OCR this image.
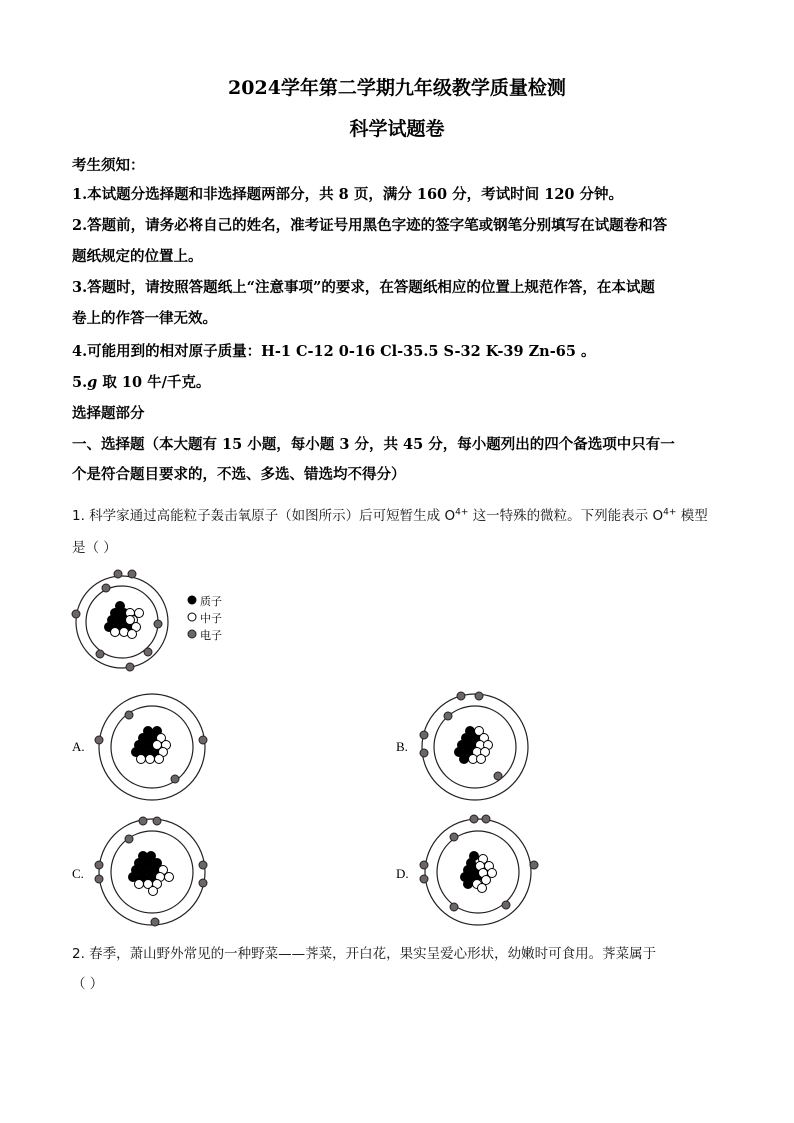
2024学年第二学期九年级教学质量检测
科学试题卷
考生须知：
1.本试题分选择题和非选择题两部分，共 8 页，满分 160 分，考试时间 120 分钟。
2.答题前，请务必将自己的姓名，准考证号用黑色字迹的签字笔或钢笔分别填写在试题卷和答
题纸规定的位置上。
3.答题时，请按照答题纸上“注意事项”的要求，在答题纸相应的位置上规范作答，在本试题
卷上的作答一律无效。
4.可能用到的相对原子质量：H-1 C-12 0-16 Cl-35.5 S-32 K-39 Zn-65 。
5.g 取 10 牛/千克。
选择题部分
一、选择题（本大题有 15 小题，每小题 3 分，共 45 分，每小题列出的四个备选项中只有一
个是符合题目要求的，不选、多选、错选均不得分）
1. 科学家通过高能粒子轰击氧原子（如图所示）后可短暂生成 $O^{4+}$ 这一特殊的微粒。下列能表示 $O^{4+}$ 模型
是（ ）
质子
中子
电子
A.	B.
C.	D.
2. 春季，萧山野外常见的一种野菜——荠菜，开白花，果实呈爱心形状，幼嫩时可食用。荠菜属于
（ ）
